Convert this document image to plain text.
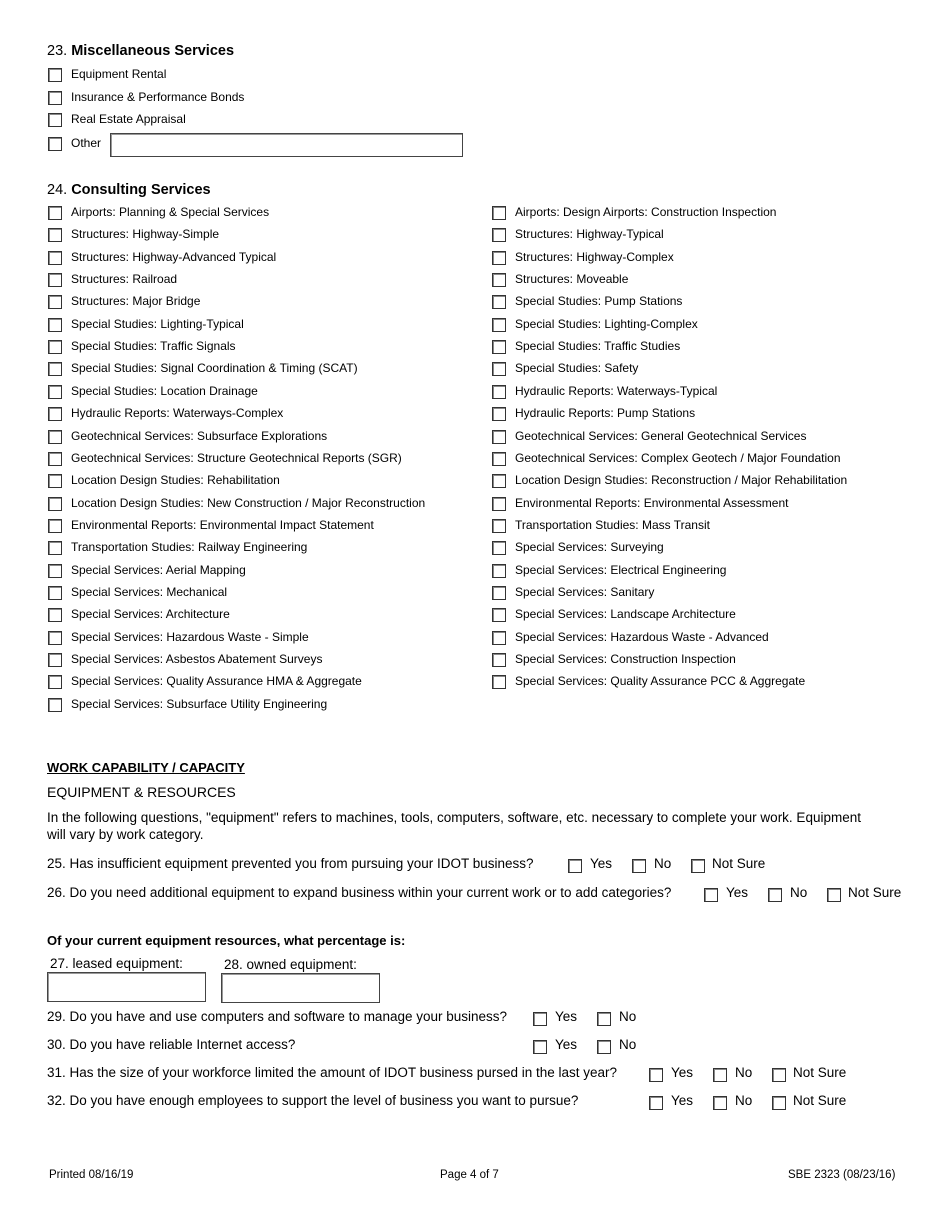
23. Miscellaneous Services
Equipment Rental
Insurance & Performance Bonds
Real Estate Appraisal
Other
24. Consulting Services
Airports: Planning & Special Services
Structures: Highway-Simple
Structures: Highway-Advanced Typical
Structures: Railroad
Structures: Major Bridge
Special Studies: Lighting-Typical
Special Studies: Traffic Signals
Special Studies: Signal Coordination & Timing (SCAT)
Special Studies: Location Drainage
Hydraulic Reports: Waterways-Complex
Geotechnical Services: Subsurface Explorations
Geotechnical Services: Structure Geotechnical Reports (SGR)
Location Design Studies: Rehabilitation
Location Design Studies: New Construction / Major Reconstruction
Environmental Reports: Environmental Impact Statement
Transportation Studies: Railway Engineering
Special Services: Aerial Mapping
Special Services: Mechanical
Special Services: Architecture
Special Services: Hazardous Waste - Simple
Special Services: Asbestos Abatement Surveys
Special Services: Quality Assurance HMA & Aggregate
Special Services: Subsurface Utility Engineering
Airports: Design Airports: Construction Inspection
Structures: Highway-Typical
Structures: Highway-Complex
Structures: Moveable
Special Studies: Pump Stations
Special Studies: Lighting-Complex
Special Studies: Traffic Studies
Special Studies: Safety
Hydraulic Reports: Waterways-Typical
Hydraulic Reports: Pump Stations
Geotechnical Services: General Geotechnical Services
Geotechnical Services: Complex Geotech / Major Foundation
Location Design Studies: Reconstruction / Major Rehabilitation
Environmental Reports: Environmental Assessment
Transportation Studies: Mass Transit
Special Services: Surveying
Special Services: Electrical Engineering
Special Services: Sanitary
Special Services: Landscape Architecture
Special Services: Hazardous Waste - Advanced
Special Services: Construction Inspection
Special Services: Quality Assurance PCC & Aggregate
WORK CAPABILITY / CAPACITY
EQUIPMENT & RESOURCES
In the following questions, "equipment" refers to machines, tools, computers, software, etc. necessary to complete your work. Equipment
will vary by work category.
25. Has insufficient equipment prevented you from pursuing your IDOT business?	Yes	No	Not Sure
26. Do you need additional equipment to expand business within your current work or to add categories?	Yes	No	Not Sure
Of your current equipment resources, what percentage is:
27. leased equipment:	28. owned equipment:
29. Do you have and use computers and software to manage your business?	Yes	No
30. Do you have reliable Internet access?	Yes	No
31. Has the size of your workforce limited the amount of IDOT business pursed in the last year?	Yes	No	Not Sure
32. Do you have enough employees to support the level of business you want to pursue?	Yes	No	Not Sure
Printed 08/16/19	Page 4 of 7	SBE 2323 (08/23/16)
